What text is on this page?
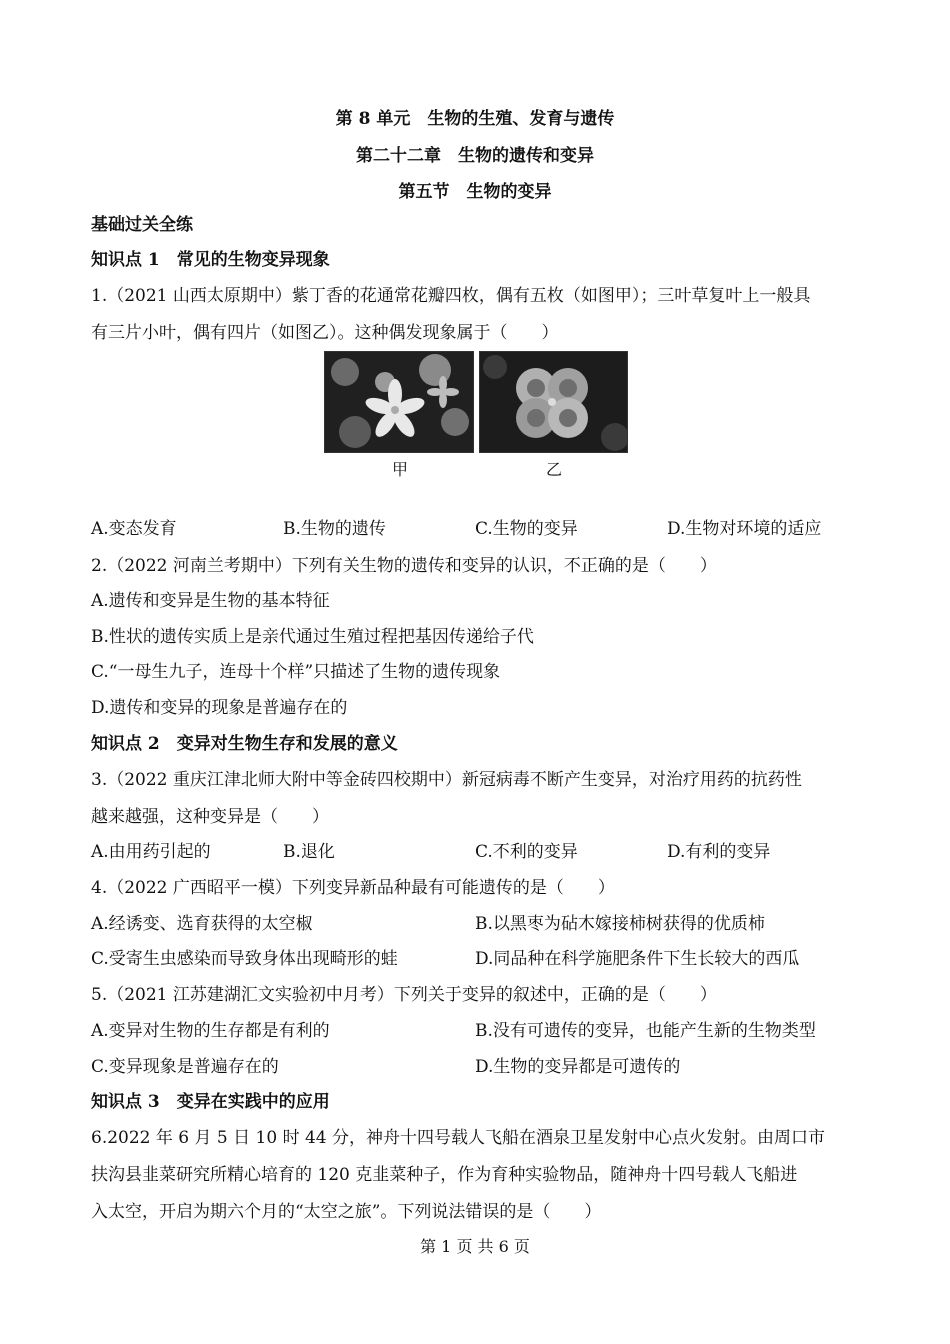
第 8 单元　生物的生殖、发育与遗传
第二十二章　生物的遗传和变异
第五节　生物的变异
基础过关全练
知识点 1　常见的生物变异现象
1.（2021 山西太原期中）紫丁香的花通常花瓣四枚，偶有五枚（如图甲）；三叶草复叶上一般具
有三片小叶，偶有四片（如图乙）。这种偶发现象属于（　　）
甲	乙
A.变态发育	B.生物的遗传	C.生物的变异	D.生物对环境的适应
2.（2022 河南兰考期中）下列有关生物的遗传和变异的认识，不正确的是（　　）
A.遗传和变异是生物的基本特征
B.性状的遗传实质上是亲代通过生殖过程把基因传递给子代
C.“一母生九子，连母十个样”只描述了生物的遗传现象
D.遗传和变异的现象是普遍存在的
知识点 2　变异对生物生存和发展的意义
3.（2022 重庆江津北师大附中等金砖四校期中）新冠病毒不断产生变异，对治疗用药的抗药性
越来越强，这种变异是（　　）
A.由用药引起的	B.退化	C.不利的变异	D.有利的变异
4.（2022 广西昭平一模）下列变异新品种最有可能遗传的是（　　）
A.经诱变、选育获得的太空椒	B.以黑枣为砧木嫁接柿树获得的优质柿
C.受寄生虫感染而导致身体出现畸形的蛙	D.同品种在科学施肥条件下生长较大的西瓜
5.（2021 江苏建湖汇文实验初中月考）下列关于变异的叙述中，正确的是（　　）
A.变异对生物的生存都是有利的	B.没有可遗传的变异，也能产生新的生物类型
C.变异现象是普遍存在的	D.生物的变异都是可遗传的
知识点 3　变异在实践中的应用
6.2022 年 6 月 5 日 10 时 44 分，神舟十四号载人飞船在酒泉卫星发射中心点火发射。由周口市
扶沟县韭菜研究所精心培育的 120 克韭菜种子，作为育种实验物品，随神舟十四号载人飞船进
入太空，开启为期六个月的“太空之旅”。下列说法错误的是（　　）
第 1 页 共 6 页
